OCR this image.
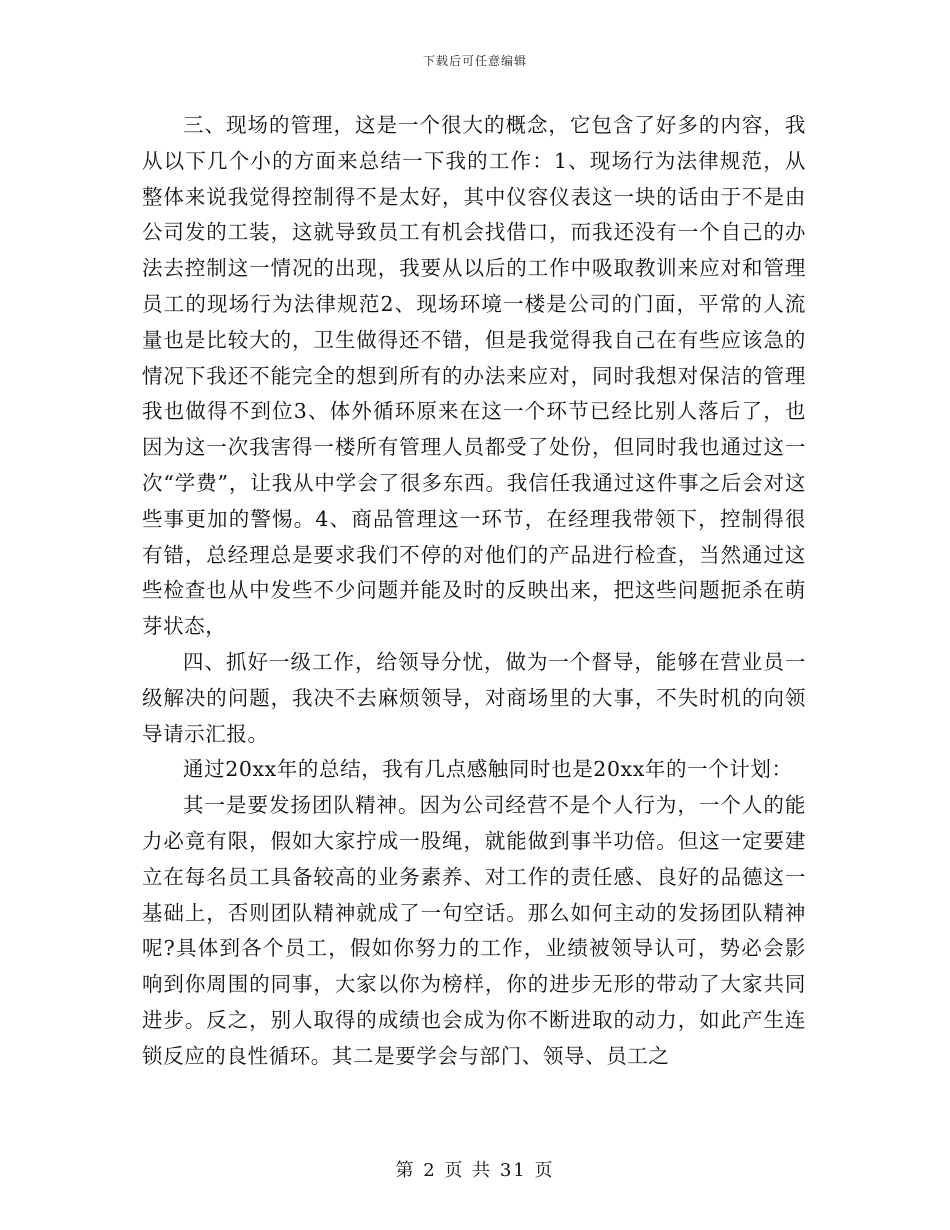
下载后可任意编辑

三、现场的管理，这是一个很大的概念，它包含了好多的内容，我从以下几个小的方面来总结一下我的工作：1、现场行为法律规范，从整体来说我觉得控制得不是太好，其中仪容仪表这一块的话由于不是由公司发的工装，这就导致员工有机会找借口，而我还没有一个自己的办法去控制这一情况的出现，我要从以后的工作中吸取教训来应对和管理员工的现场行为法律规范2、现场环境一楼是公司的门面，平常的人流量也是比较大的，卫生做得还不错，但是我觉得我自己在有些应该急的情况下我还不能完全的想到所有的办法来应对，同时我想对保洁的管理我也做得不到位3、体外循环原来在这一个环节已经比别人落后了，也因为这一次我害得一楼所有管理人员都受了处份，但同时我也通过这一次“学费”，让我从中学会了很多东西。我信任我通过这件事之后会对这些事更加的警惕。4、商品管理这一环节，在经理我带领下，控制得很有错，总经理总是要求我们不停的对他们的产品进行检查，当然通过这些检查也从中发些不少问题并能及时的反映出来，把这些问题扼杀在萌芽状态，

四、抓好一级工作，给领导分忧，做为一个督导，能够在营业员一级解决的问题，我决不去麻烦领导，对商场里的大事，不失时机的向领导请示汇报。

通过20xx年的总结，我有几点感触同时也是20xx年的一个计划：

其一是要发扬团队精神。因为公司经营不是个人行为，一个人的能力必竟有限，假如大家拧成一股绳，就能做到事半功倍。但这一定要建立在每名员工具备较高的业务素养、对工作的责任感、良好的品德这一基础上，否则团队精神就成了一句空话。那么如何主动的发扬团队精神呢?具体到各个员工，假如你努力的工作，业绩被领导认可，势必会影响到你周围的同事，大家以你为榜样，你的进步无形的带动了大家共同进步。反之，别人取得的成绩也会成为你不断进取的动力，如此产生连锁反应的良性循环。其二是要学会与部门、领导、员工之

第 2 页 共 31 页
